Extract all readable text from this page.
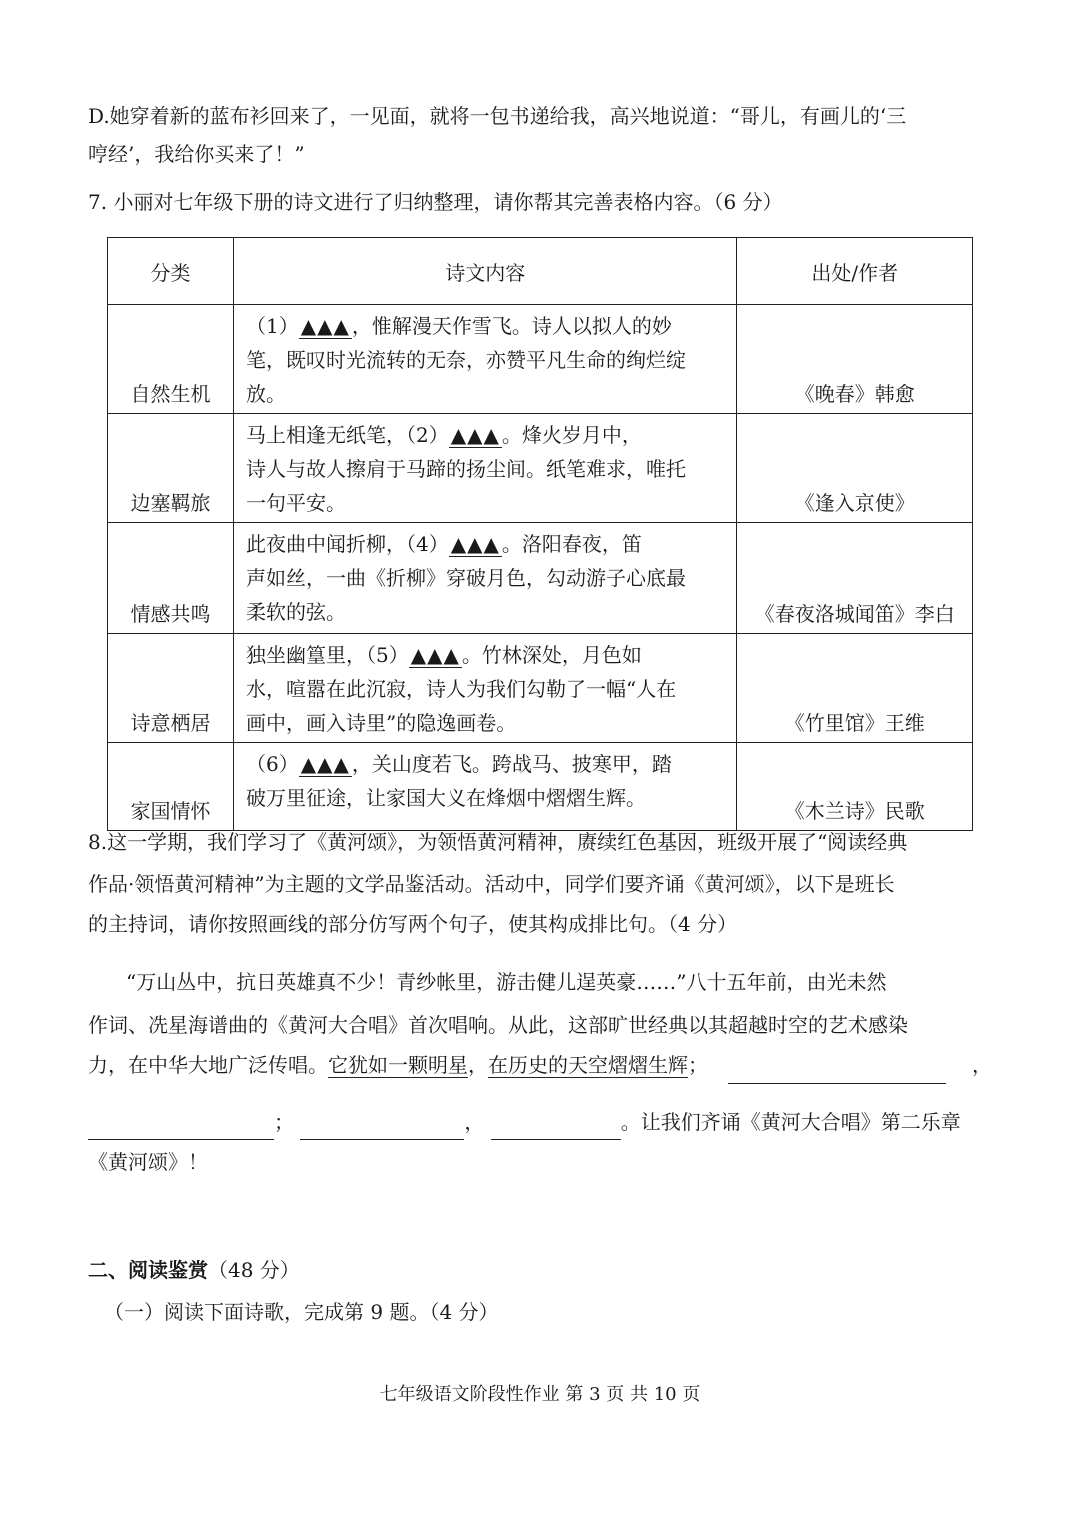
D.她穿着新的蓝布衫回来了，一见面，就将一包书递给我，高兴地说道：“哥儿，有画儿的‘三
哼经’，我给你买来了！”
7. 小丽对七年级下册的诗文进行了归纳整理，请你帮其完善表格内容。（6 分）
分类	诗文内容	出处/作者
自然生机	（1） ▲▲▲ ，惟解漫天作雪飞。诗人以拟人的妙
笔，既叹时光流转的无奈，亦赞平凡生命的绚烂绽
放。	《晚春》韩愈
边塞羁旅	马上相逢无纸笔，（2） ▲▲▲ 。烽火岁月中，
诗人与故人擦肩于马蹄的扬尘间。纸笔难求，唯托
一句平安。	《逢入京使》
情感共鸣	此夜曲中闻折柳，（4） ▲▲▲ 。洛阳春夜，笛
声如丝，一曲《折柳》穿破月色，勾动游子心底最
柔软的弦。	《春夜洛城闻笛》李白
诗意栖居	独坐幽篁里，（5） ▲▲▲ 。竹林深处，月色如
水，喧嚣在此沉寂，诗人为我们勾勒了一幅“人在
画中，画入诗里”的隐逸画卷。	《竹里馆》王维
家国情怀	（6） ▲▲▲ ，关山度若飞。跨战马、披寒甲，踏
破万里征途，让家国大义在烽烟中熠熠生辉。	《木兰诗》民歌
8.这一学期，我们学习了《黄河颂》，为领悟黄河精神，赓续红色基因，班级开展了“阅读经典
作品·领悟黄河精神”为主题的文学品鉴活动。活动中，同学们要齐诵《黄河颂》，以下是班长
的主持词，请你按照画线的部分仿写两个句子，使其构成排比句。（4 分）
“万山丛中，抗日英雄真不少！青纱帐里，游击健儿逞英豪……”八十五年前，由光未然
作词、冼星海谱曲的《黄河大合唱》首次唱响。从此，这部旷世经典以其超越时空的艺术感染
力，在中华大地广泛传唱。它犹如一颗明星，在历史的天空熠熠生辉；	，
；	，	。让我们齐诵《黄河大合唱》第二乐章
《黄河颂》！
二、阅读鉴赏（48 分）
（一）阅读下面诗歌，完成第 9 题。（4 分）
七年级语文阶段性作业 第 3 页 共 10 页
